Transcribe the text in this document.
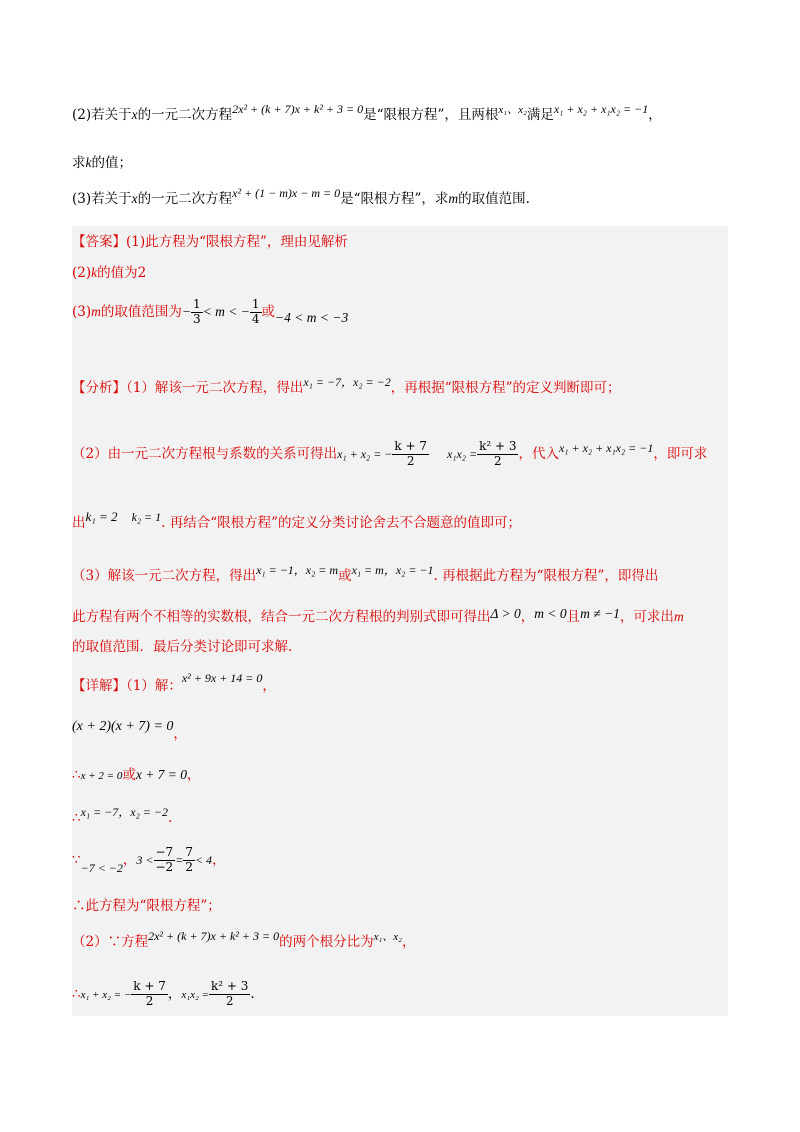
(2)若关于x的一元二次方程2x² + (k + 7)x + k² + 3 = 0是“限根方程”，且两根$^{x_1、x_2}$满足x₁ + x₂ + x₁x₂ = −1，
求k的值；
(3)若关于x的一元二次方程x² + (1 − m)x − m = 0是“限根方程”，求m的取值范围.
【答案】(1)此方程为“限根方程”，理由见解析
(2)k的值为2
(3)m的取值范围为− $\frac{1}{3} < m$ < − $\frac{1}{4}$ 或−4 < m < −3
【分析】（1）解该一元二次方程，得出x₁ = −7，x₂ = −2，再根据“限根方程”的定义判断即可；
（2）由一元二次方程根与系数的关系可得出x₁ + x₂ = − $\frac{k + 7}{2} x_1x_2 = \frac{\text{k² + 3}}{2}$ ，代入x₁ + x₂ + x₁x₂ = −1，即可求
出k₁ = 2 k₂ = 1. 再结合“限根方程”的定义分类讨论舍去不合题意的值即可；
（3）解该一元二次方程，得出x₁ = −1，x₂ = m或x₁ = m，x₂ = −1. 再根据此方程为“限根方程”，即得出
此方程有两个不相等的实数根，结合一元二次方程根的判别式即可得出Δ > 0，m < 0且m ≠ −1，可求出m
的取值范围．最后分类讨论即可求解.
【详解】（1）解：x² + 9x + 14 = 0，
(x + 2)(x + 7) = 0，
∴x + 2 = 0或x + 7 = 0，
∴x₁ = −7，x₂ = −2.
∵−7 < −2，$3 < \frac{-7}{-2} = \frac{7}{2} < 4$，
∴此方程为“限根方程”；
（2）∵方程2x² + (k + 7)x + k² + 3 = 0的两个根分比为$^{x_1、x_2}$，
∴x₁ + x₂ = − $\frac{k + 7}{2}$ ，$x_1x_2 = \frac{\text{k² + 3}}{2}$ .
